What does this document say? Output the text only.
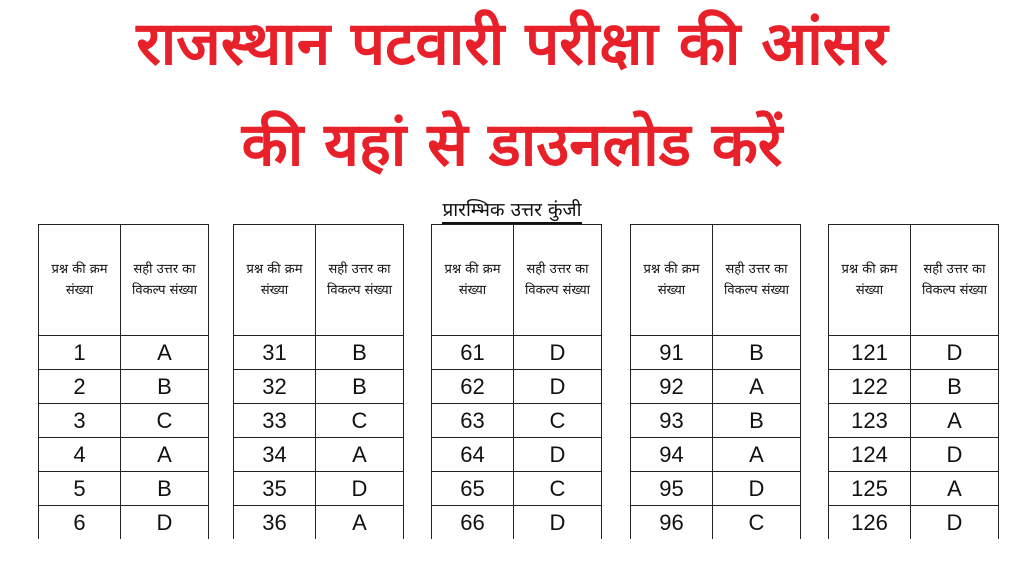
राजस्थान पटवारी परीक्षा की आंसर
की यहां से डाउनलोड करें
प्रारम्भिक उत्तर कुंजी
प्रश्न की क्रम संख्या	सही उत्तर का विकल्प संख्या
1	A
2	B
3	C
4	A
5	B
6	D
प्रश्न की क्रम संख्या	सही उत्तर का विकल्प संख्या
31	B
32	B
33	C
34	A
35	D
36	A
प्रश्न की क्रम संख्या	सही उत्तर का विकल्प संख्या
61	D
62	D
63	C
64	D
65	C
66	D
प्रश्न की क्रम संख्या	सही उत्तर का विकल्प संख्या
91	B
92	A
93	B
94	A
95	D
96	C
प्रश्न की क्रम संख्या	सही उत्तर का विकल्प संख्या
121	D
122	B
123	A
124	D
125	A
126	D
